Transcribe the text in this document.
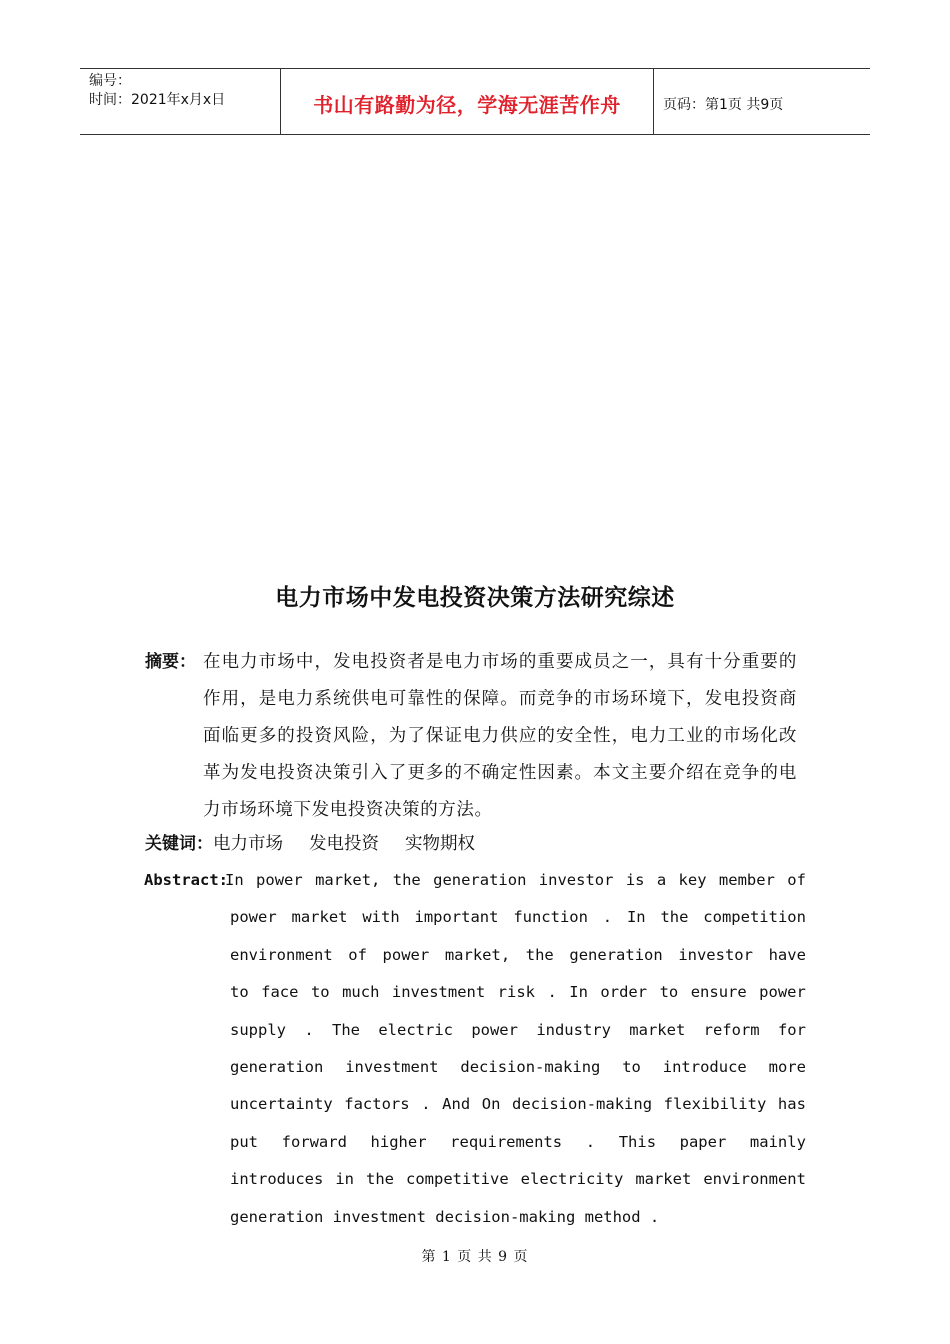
编号：
时间：2021年x月x日	书山有路勤为径，学海无涯苦作舟	页码：第1页 共9页
电力市场中发电投资决策方法研究综述
摘要： 在电力市场中，发电投资者是电力市场的重要成员之一，具有十分重要的作用，是电力系统供电可靠性的保障。而竞争的市场环境下，发电投资商面临更多的投资风险，为了保证电力供应的安全性，电力工业的市场化改革为发电投资决策引入了更多的不确定性因素。本文主要介绍在竞争的电力市场环境下发电投资决策的方法。
关键词：电力市场 发电投资 实物期权
Abstract:
In power market, the generation investor is a key member of
power market with important function . In the competition
environment of power market, the generation investor have
to face to much investment risk . In order to ensure power
supply . The electric power industry market reform for
generation investment decision-making to introduce more
uncertainty factors . And On decision-making flexibility has
put forward higher requirements . This paper mainly
introduces in the competitive electricity market environment
generation investment decision-making method .
第 1 页 共 9 页
